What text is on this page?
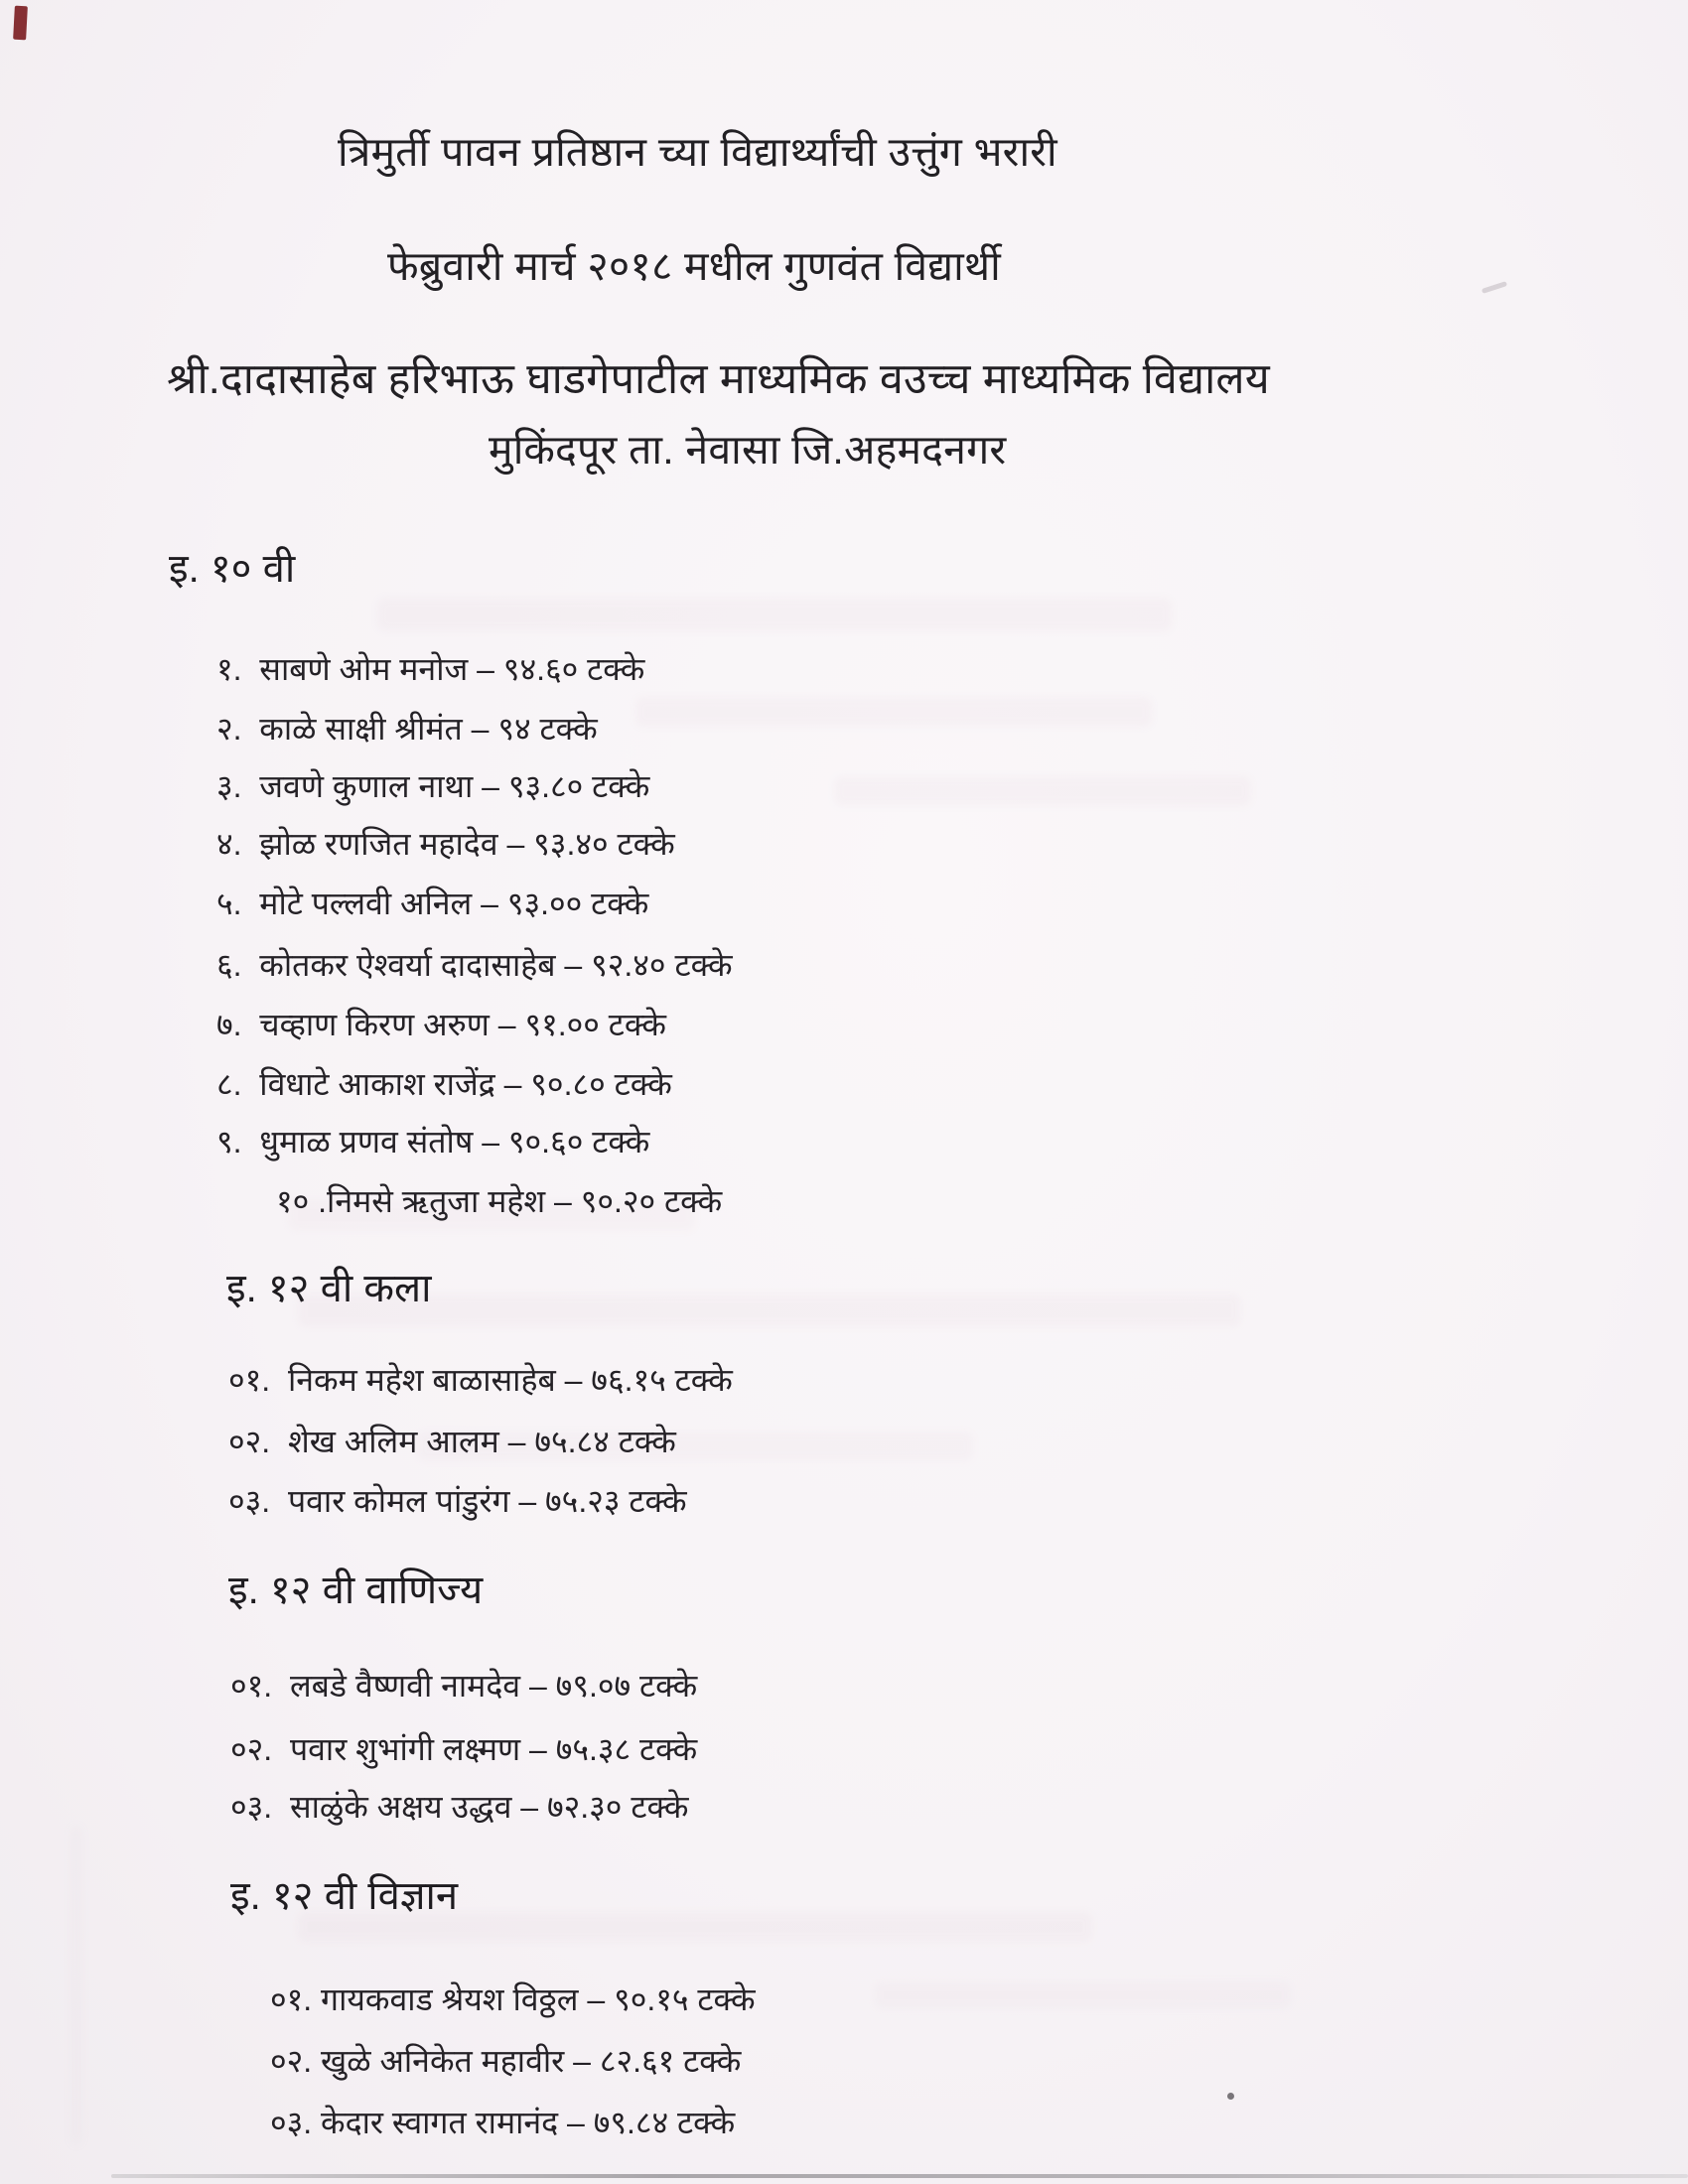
त्रिमुर्ती पावन प्रतिष्ठान च्या विद्यार्थ्यांची उत्तुंग भरारी
फेब्रुवारी मार्च २०१८ मधील गुणवंत विद्यार्थी
श्री.दादासाहेब हरिभाऊ घाडगेपाटील माध्यमिक वउच्च माध्यमिक विद्यालय
मुकिंदपूर ता. नेवासा जि.अहमदनगर
इ. १० वी
१.  साबणे ओम मनोज – ९४.६० टक्के
२.  काळे साक्षी श्रीमंत – ९४ टक्के
३.  जवणे कुणाल नाथा – ९३.८० टक्के
४.  झोळ रणजित महादेव – ९३.४० टक्के
५.  मोटे पल्लवी अनिल – ९३.०० टक्के
६.  कोतकर ऐश्वर्या दादासाहेब – ९२.४० टक्के
७.  चव्हाण किरण अरुण – ९१.०० टक्के
८.  विधाटे आकाश राजेंद्र – ९०.८० टक्के
९.  धुमाळ प्रणव संतोष – ९०.६० टक्के
१० .निमसे ऋतुजा महेश – ९०.२० टक्के
इ. १२ वी कला
०१.  निकम महेश बाळासाहेब – ७६.१५ टक्के
०२.  शेख अलिम आलम – ७५.८४ टक्के
०३.  पवार कोमल पांडुरंग – ७५.२३ टक्के
इ. १२ वी वाणिज्य
०१.  लबडे वैष्णवी नामदेव – ७९.०७ टक्के
०२.  पवार शुभांगी लक्ष्मण – ७५.३८ टक्के
०३.  साळुंके अक्षय उद्धव – ७२.३० टक्के
इ. १२ वी विज्ञान
०१. गायकवाड श्रेयश विठ्ठल – ९०.१५ टक्के
०२. खुळे अनिकेत महावीर – ८२.६१ टक्के
०३. केदार स्वागत रामानंद – ७९.८४ टक्के
